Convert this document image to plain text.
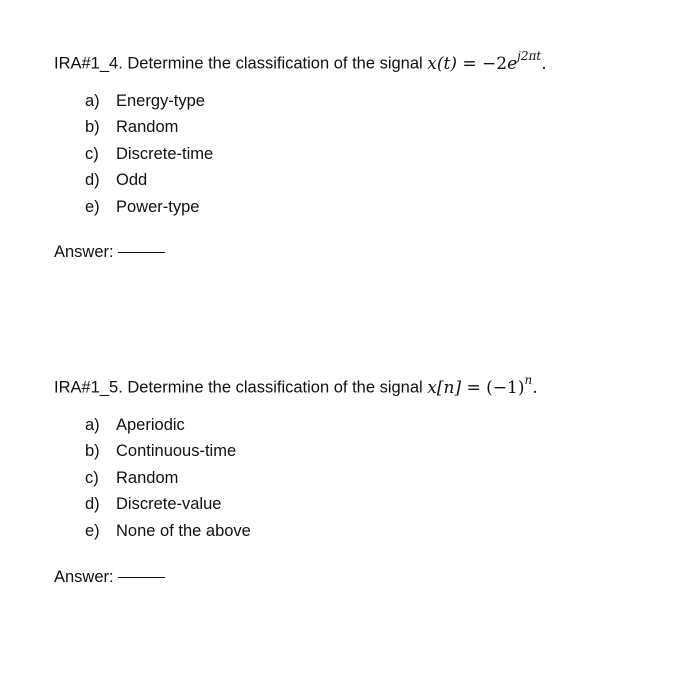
IRA#1_4. Determine the classification of the signal $x(t) = -2e^{j2\pi t}$.
a) Energy-type
b) Random
c)	Discrete-time
d) Odd
e) Power-type
Answer:
IRA#1_5. Determine the classification of the signal $x[n] = (-1)^n$.
a) Aperiodic
b) Continuous-time
c)	Random
d) Discrete-value
e) None of the above
Answer:
